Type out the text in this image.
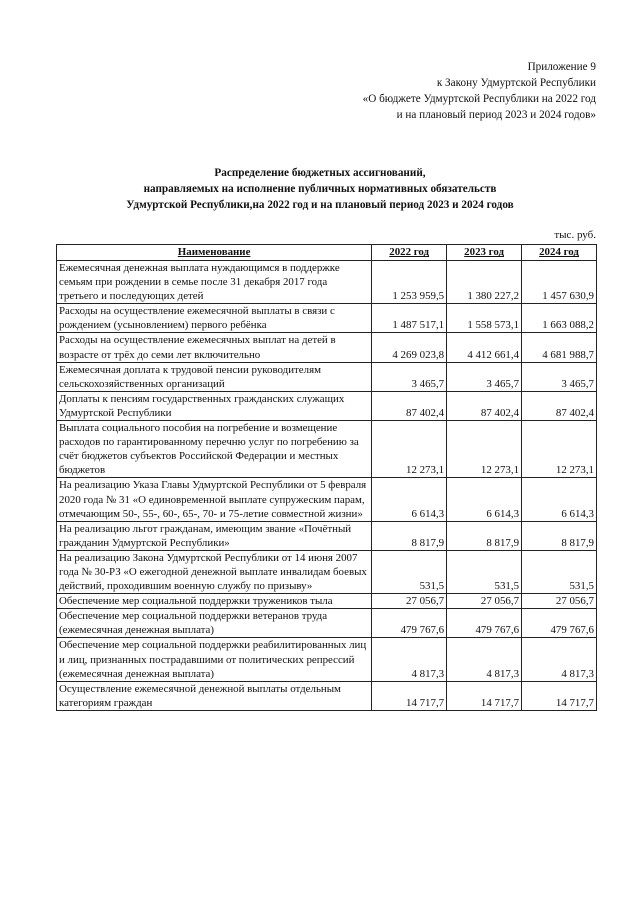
Приложение 9
к Закону Удмуртской Республики
«О бюджете Удмуртской Республики на 2022 год
и на плановый период 2023 и 2024 годов»
Распределение бюджетных ассигнований,
направляемых на исполнение публичных нормативных обязательств
Удмуртской Республики,на 2022 год и на плановый период 2023 и 2024 годов
тыс. руб.
Наименование	2022 год	2023 год	2024 год
Ежемесячная денежная выплата нуждающимся в поддержке семьям при рождении в семье после 31 декабря 2017 года третьего и последующих детей	1 253 959,5	1 380 227,2	1 457 630,9
Расходы на осуществление ежемесячной выплаты в связи с рождением (усыновлением) первого ребёнка	1 487 517,1	1 558 573,1	1 663 088,2
Расходы на осуществление ежемесячных выплат на детей в возрасте от трёх до семи лет включительно	4 269 023,8	4 412 661,4	4 681 988,7
Ежемесячная доплата к трудовой пенсии руководителям сельскохозяйственных организаций	3 465,7	3 465,7	3 465,7
Доплаты к пенсиям государственных гражданских служащих Удмуртской Республики	87 402,4	87 402,4	87 402,4
Выплата социального пособия на погребение и возмещение расходов по гарантированному перечню услуг по погребению за счёт бюджетов субъектов Российской Федерации и местных бюджетов	12 273,1	12 273,1	12 273,1
На реализацию Указа Главы Удмуртской Республики от 5 февраля 2020 года № 31 «О единовременной выплате супружеским парам, отмечающим 50-, 55-, 60-, 65-, 70- и 75-летие совместной жизни»	6 614,3	6 614,3	6 614,3
На реализацию льгот гражданам, имеющим звание «Почётный гражданин Удмуртской Республики»	8 817,9	8 817,9	8 817,9
На реализацию Закона Удмуртской Республики от 14 июня 2007 года № 30-РЗ «О ежегодной денежной выплате инвалидам боевых действий, проходившим военную службу по призыву»	531,5	531,5	531,5
Обеспечение мер социальной поддержки тружеников тыла	27 056,7	27 056,7	27 056,7
Обеспечение мер социальной поддержки ветеранов труда (ежемесячная денежная выплата)	479 767,6	479 767,6	479 767,6
Обеспечение мер социальной поддержки реабилитированных лиц и лиц, признанных пострадавшими от политических репрессий (ежемесячная денежная выплата)	4 817,3	4 817,3	4 817,3
Осуществление ежемесячной денежной выплаты отдельным категориям граждан	14 717,7	14 717,7	14 717,7
